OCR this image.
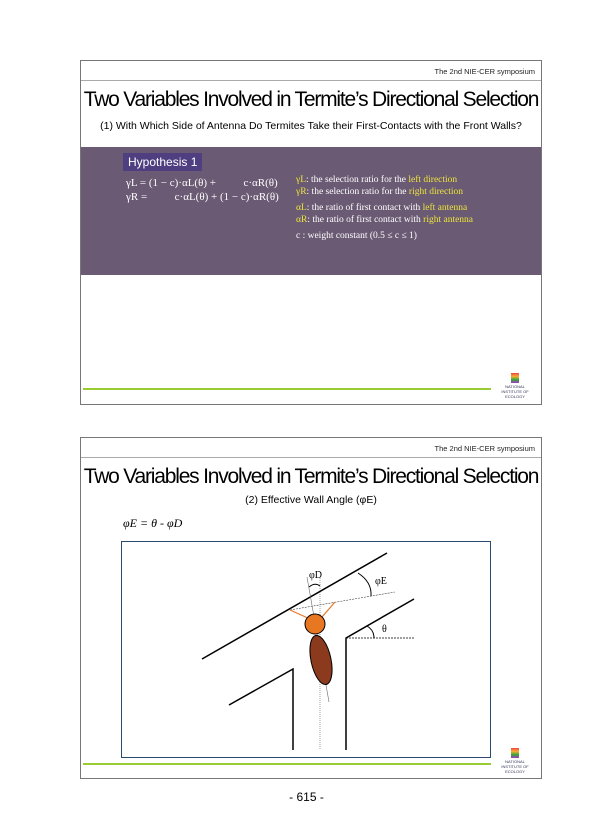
The 2nd NIE-CER symposium
Two Variables Involved in Termite’s Directional Selection
(1) With Which Side of Antenna Do Termites Take their First-Contacts with the Front Walls?
Hypothesis 1
γL = (1 − c)·αL(θ) +          c·αR(θ)
γR =          c·αL(θ) + (1 − c)·αR(θ)
γL: the selection ratio for the left direction
γR: the selection ratio for the right direction
αL: the ratio of first contact with left antenna
αR: the ratio of first contact with right antenna
c : weight constant (0.5 ≤ c ≤ 1)
NATIONAL INSTITUTE OF ECOLOGY
The 2nd NIE-CER symposium
Two Variables Involved in Termite’s Directional Selection
(2) Effective Wall Angle (φE)
φE = θ - φD
φD
φE
θ
NATIONAL INSTITUTE OF ECOLOGY
- 615 -
